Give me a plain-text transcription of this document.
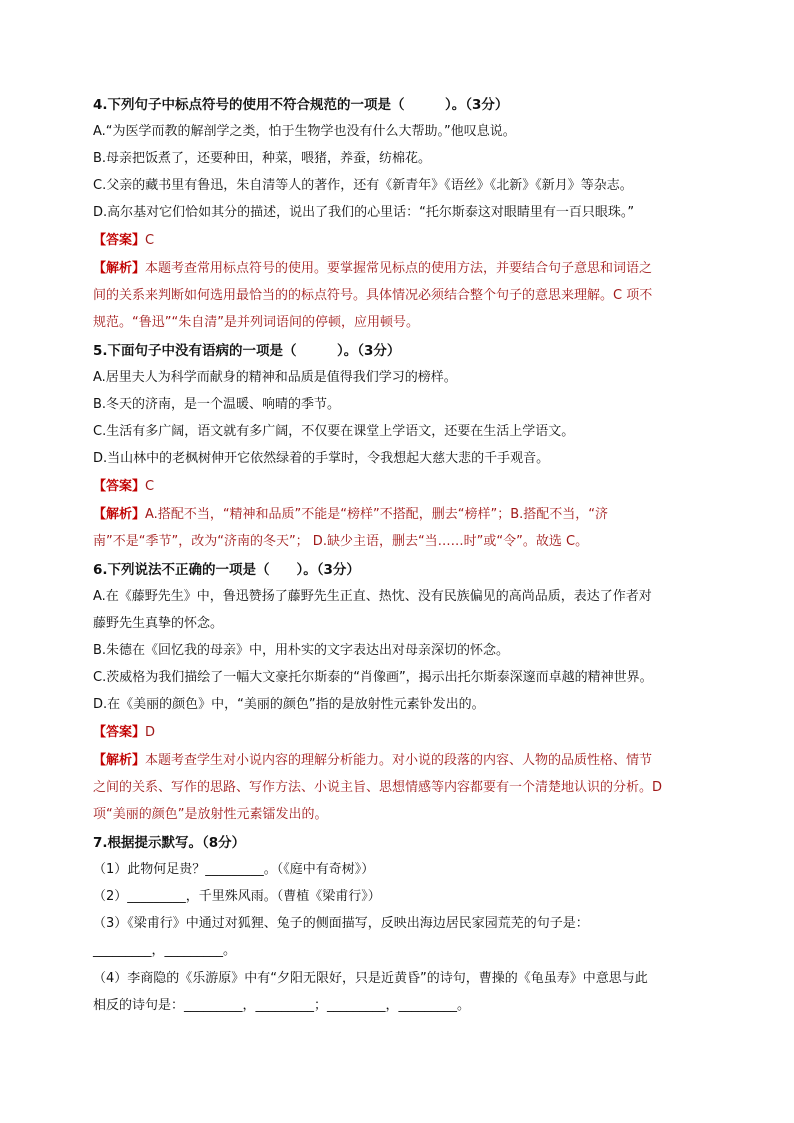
4.下列句子中标点符号的使用不符合规范的一项是（　　　）。（3分）
A.“为医学而教的解剖学之类，怕于生物学也没有什么大帮助。”他叹息说。
B.母亲把饭煮了，还要种田，种菜，喂猪，养蚕，纺棉花。
C.父亲的藏书里有鲁迅，朱自清等人的著作，还有《新青年》《语丝》《北新》《新月》等杂志。
D.高尔基对它们恰如其分的描述，说出了我们的心里话：“托尔斯泰这对眼睛里有一百只眼珠。”
【答案】C
【解析】本题考查常用标点符号的使用。要掌握常见标点的使用方法，并要结合句子意思和词语之
间的关系来判断如何选用最恰当的的标点符号。具体情况必须结合整个句子的意思来理解。C 项不
规范。“鲁迅”“朱自清”是并列词语间的停顿，应用顿号。
5.下面句子中没有语病的一项是（　　　）。（3分）
A.居里夫人为科学而献身的精神和品质是值得我们学习的榜样。
B.冬天的济南，是一个温暖、响晴的季节。
C.生活有多广阔，语文就有多广阔，不仅要在课堂上学语文，还要在生活上学语文。
D.当山林中的老枫树伸开它依然绿着的手掌时，令我想起大慈大悲的千手观音。
【答案】C
【解析】A.搭配不当，“精神和品质”不能是“榜样”不搭配，删去“榜样”；B.搭配不当，“济
南”不是“季节”，改为“济南的冬天”； D.缺少主语，删去“当……时”或“令”。故选 C。
6.下列说法不正确的一项是（　　）。（3分）
A.在《藤野先生》中，鲁迅赞扬了藤野先生正直、热忱、没有民族偏见的高尚品质，表达了作者对
藤野先生真挚的怀念。
B.朱德在《回忆我的母亲》中，用朴实的文字表达出对母亲深切的怀念。
C.茨威格为我们描绘了一幅大文豪托尔斯泰的“肖像画”，揭示出托尔斯泰深邃而卓越的精神世界。
D.在《美丽的颜色》中，“美丽的颜色”指的是放射性元素钋发出的。
【答案】D
【解析】本题考查学生对小说内容的理解分析能力。对小说的段落的内容、人物的品质性格、情节
之间的关系、写作的思路、写作方法、小说主旨、思想情感等内容都要有一个清楚地认识的分析。D
项“美丽的颜色”是放射性元素镭发出的。
7.根据提示默写。（8分）
（1）此物何足贵？_________。（《庭中有奇树》）
（2）_________，千里殊风雨。（曹植《梁甫行》）
（3）《梁甫行》中通过对狐狸、兔子的侧面描写，反映出海边居民家园荒芜的句子是：
_________，_________。
（4）李商隐的《乐游原》中有“夕阳无限好，只是近黄昏”的诗句，曹操的《龟虽寿》中意思与此
相反的诗句是：_________，_________；_________，_________。
